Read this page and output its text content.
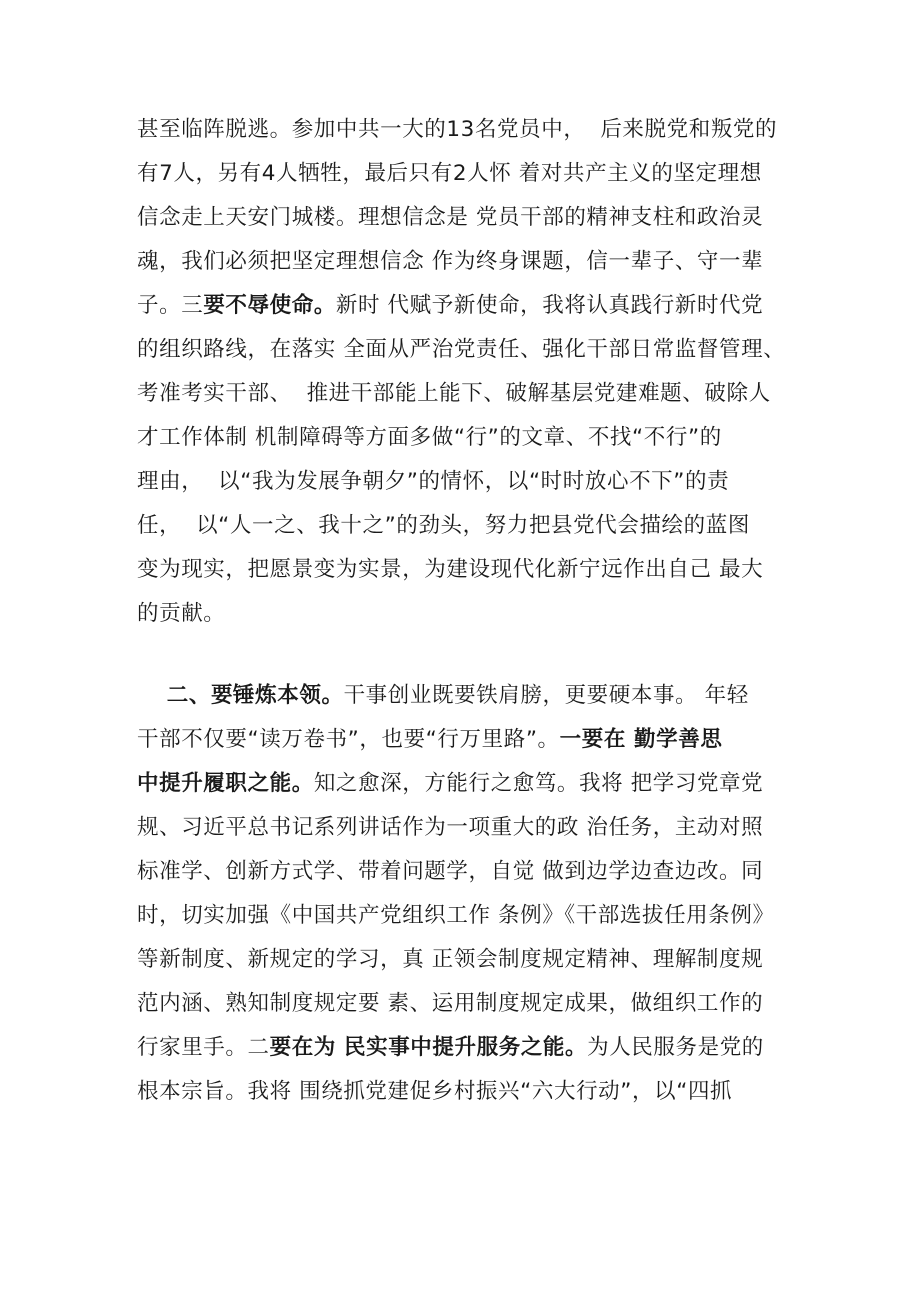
甚至临阵脱逃。参加中共一大的13名党员中，  后来脱党和叛党的
有7人，另有4人牺牲，最后只有2人怀 着对共产主义的坚定理想
信念走上天安门城楼。理想信念是 党员干部的精神支柱和政治灵
魂，我们必须把坚定理想信念 作为终身课题，信一辈子、守一辈
子。三要不辱使命。新时 代赋予新使命，我将认真践行新时代党
的组织路线，在落实 全面从严治党责任、强化干部日常监督管理、
考准考实干部、  推进干部能上能下、破解基层党建难题、破除人
才工作体制 机制障碍等方面多做“行”的文章、不找“不行”的
理由，  以“我为发展争朝夕”的情怀，以“时时放心不下”的责
任，  以“人一之、我十之”的劲头，努力把县党代会描绘的蓝图
变为现实，把愿景变为实景，为建设现代化新宁远作出自己 最大
的贡献。
二、要锤炼本领。干事创业既要铁肩膀，更要硬本事。 年轻
干部不仅要“读万卷书”，也要“行万里路”。一要在 勤学善思
中提升履职之能。知之愈深，方能行之愈笃。我将 把学习党章党
规、习近平总书记系列讲话作为一项重大的政 治任务，主动对照
标准学、创新方式学、带着问题学，自觉 做到边学边查边改。同
时，切实加强《中国共产党组织工作 条例》《干部选拔任用条例》
等新制度、新规定的学习，真 正领会制度规定精神、理解制度规
范内涵、熟知制度规定要 素、运用制度规定成果，做组织工作的
行家里手。二要在为 民实事中提升服务之能。为人民服务是党的
根本宗旨。我将 围绕抓党建促乡村振兴“六大行动”，以“四抓
